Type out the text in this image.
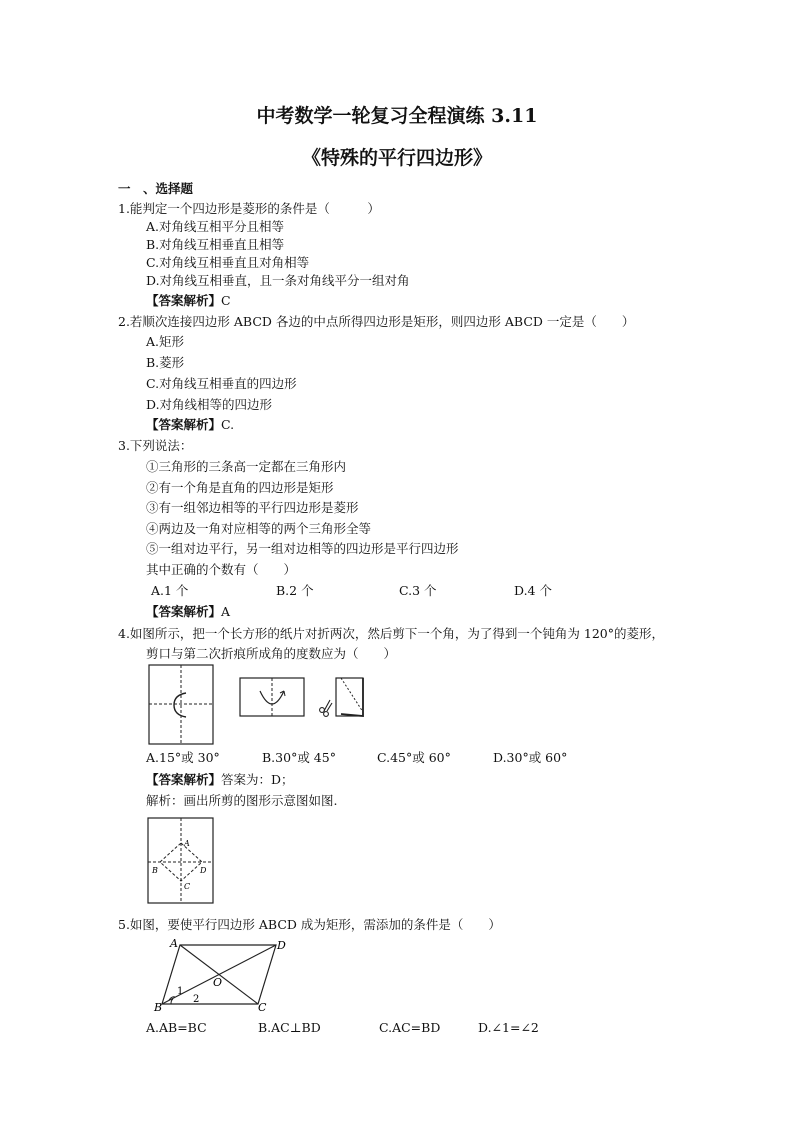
中考数学一轮复习全程演练 3.11
《特殊的平行四边形》
一　、选择题
1.能判定一个四边形是菱形的条件是（　　　）
A.对角线互相平分且相等
B.对角线互相垂直且相等
C.对角线互相垂直且对角相等
D.对角线互相垂直，且一条对角线平分一组对角
【答案解析】C
2.若顺次连接四边形 ABCD 各边的中点所得四边形是矩形，则四边形 ABCD 一定是（　　）
A.矩形
B.菱形
C.对角线互相垂直的四边形
D.对角线相等的四边形
【答案解析】C.
3.下列说法：
①三角形的三条高一定都在三角形内
②有一个角是直角的四边形是矩形
③有一组邻边相等的平行四边形是菱形
④两边及一角对应相等的两个三角形全等
⑤一组对边平行，另一组对边相等的四边形是平行四边形
其中正确的个数有（　　）
A.1 个	B.2 个	C.3 个	D.4 个
【答案解析】A
4.如图所示，把一个长方形的纸片对折两次，然后剪下一个角，为了得到一个钝角为 120°的菱形，
剪口与第二次折痕所成角的度数应为（　　）
A.15°或 30°	B.30°或 45°	C.45°或 60°	D.30°或 60°
【答案解析】答案为：D；
解析：画出所剪的图形示意图如图.
A
B
C
D
5.如图，要使平行四边形 ABCD 成为矩形，需添加的条件是（　　）
A	D
O
B	C
1
2
A.AB=BC	B.AC⊥BD	C.AC=BD	D.∠1=∠2
